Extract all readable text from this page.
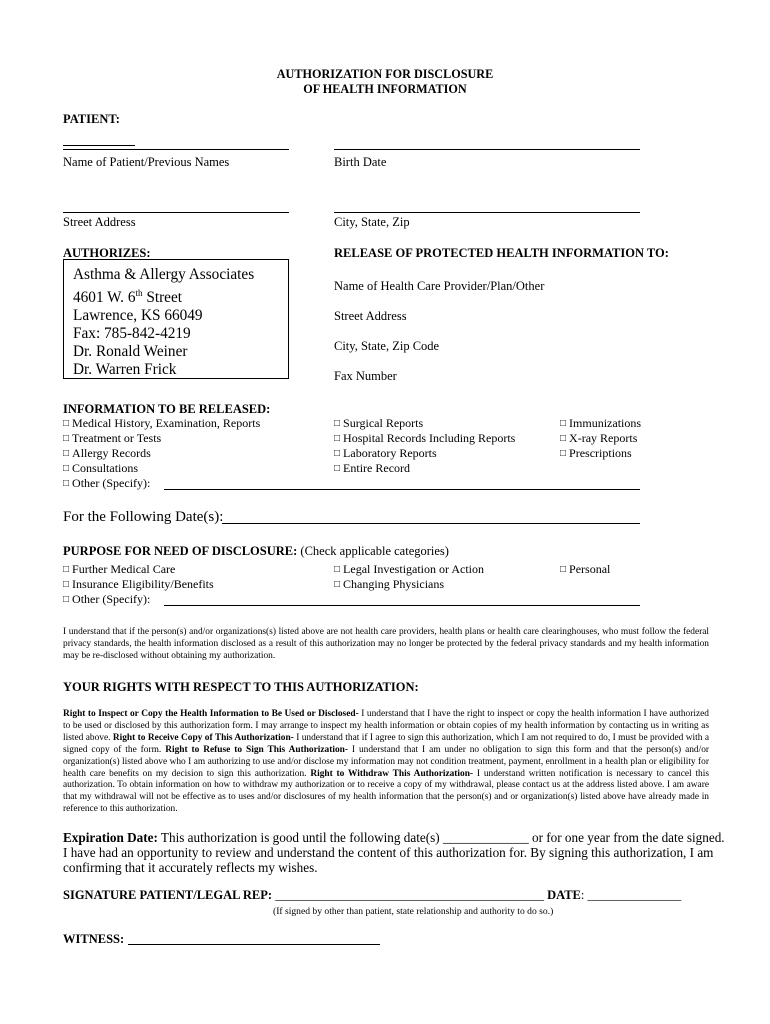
AUTHORIZATION FOR DISCLOSURE
OF HEALTH INFORMATION
PATIENT:
Name of Patient/Previous Names	Birth Date
Street Address	City, State, Zip
AUTHORIZES:
Asthma & Allergy Associates
4601 W. 6th Street
Lawrence, KS 66049
Fax: 785-842-4219
Dr. Ronald Weiner
Dr. Warren Frick
RELEASE OF PROTECTED HEALTH INFORMATION TO:
Name of Health Care Provider/Plan/Other
Street Address
City, State, Zip Code
Fax Number
INFORMATION TO BE RELEASED:
□ Medical History, Examination, Reports
□ Treatment or Tests
□ Allergy Records
□ Consultations
□ Other (Specify):
□ Surgical Reports
□ Hospital Records Including Reports
□ Laboratory Reports
□ Entire Record
□ Immunizations
□ X-ray Reports
□ Prescriptions
For the Following Date(s):
PURPOSE FOR NEED OF DISCLOSURE: (Check applicable categories)
□ Further Medical Care
□ Insurance Eligibility/Benefits
□ Other (Specify):
□ Legal Investigation or Action
□ Changing Physicians
□ Personal
I understand that if the person(s) and/or organizations(s) listed above are not health care providers, health plans or health care clearinghouses, who must follow the federal privacy standards, the health information disclosed as a result of this authorization may no longer be protected by the federal privacy standards and my health information may be re-disclosed without obtaining my authorization.
YOUR RIGHTS WITH RESPECT TO THIS AUTHORIZATION:
Right to Inspect or Copy the Health Information to Be Used or Disclosed- I understand that I have the right to inspect or copy the health information I have authorized to be used or disclosed by this authorization form. I may arrange to inspect my health information or obtain copies of my health information by contacting us in writing as listed above. Right to Receive Copy of This Authorization- I understand that if I agree to sign this authorization, which I am not required to do, I must be provided with a signed copy of the form. Right to Refuse to Sign This Authorization- I understand that I am under no obligation to sign this form and that the person(s) and/or organization(s) listed above who I am authorizing to use and/or disclose my information may not condition treatment, payment, enrollment in a health plan or eligibility for health care benefits on my decision to sign this authorization. Right to Withdraw This Authorization- I understand written notification is necessary to cancel this authorization. To obtain information on how to withdraw my authorization or to receive a copy of my withdrawal, please contact us at the address listed above. I am aware that my withdrawal will not be effective as to uses and/or disclosures of my health information that the person(s) and or organization(s) listed above have already made in reference to this authorization.
Expiration Date: This authorization is good until the following date(s) _____________ or for one year from the date signed.
I have had an opportunity to review and understand the content of this authorization for. By signing this authorization, I am
confirming that it accurately reflects my wishes.
SIGNATURE PATIENT/LEGAL REP: ___________________________________________ DATE: _______________
(If signed by other than patient, state relationship and authority to do so.)
WITNESS:
